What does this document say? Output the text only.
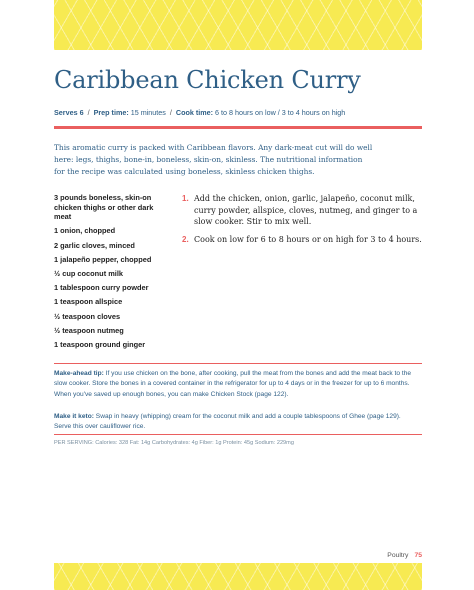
Caribbean Chicken Curry
Serves 6 / Prep time: 15 minutes / Cook time: 6 to 8 hours on low / 3 to 4 hours on high

This aromatic curry is packed with Caribbean flavors. Any dark-meat cut will do well here: legs, thighs, bone-in, boneless, skin-on, skinless. The nutritional information for the recipe was calculated using boneless, skinless chicken thighs.

3 pounds boneless, skin-on chicken thighs or other dark meat
1 onion, chopped
2 garlic cloves, minced
1 jalapeño pepper, chopped
½ cup coconut milk
1 tablespoon curry powder
1 teaspoon allspice
½ teaspoon cloves
½ teaspoon nutmeg
1 teaspoon ground ginger
1. Add the chicken, onion, garlic, jalapeño, coconut milk, curry powder, allspice, cloves, nutmeg, and ginger to a slow cooker. Stir to mix well.
2. Cook on low for 6 to 8 hours or on high for 3 to 4 hours.

Make-ahead tip: If you use chicken on the bone, after cooking, pull the meat from the bones and add the meat back to the slow cooker. Store the bones in a covered container in the refrigerator for up to 4 days or in the freezer for up to 6 months. When you've saved up enough bones, you can make Chicken Stock (page 122).

Make it keto: Swap in heavy (whipping) cream for the coconut milk and add a couple tablespoons of Ghee (page 129). Serve this over cauliflower rice.

PER SERVING: Calories: 328 Fat: 14g Carbohydrates: 4g Fiber: 1g Protein: 45g Sodium: 229mg
Poultry 75
